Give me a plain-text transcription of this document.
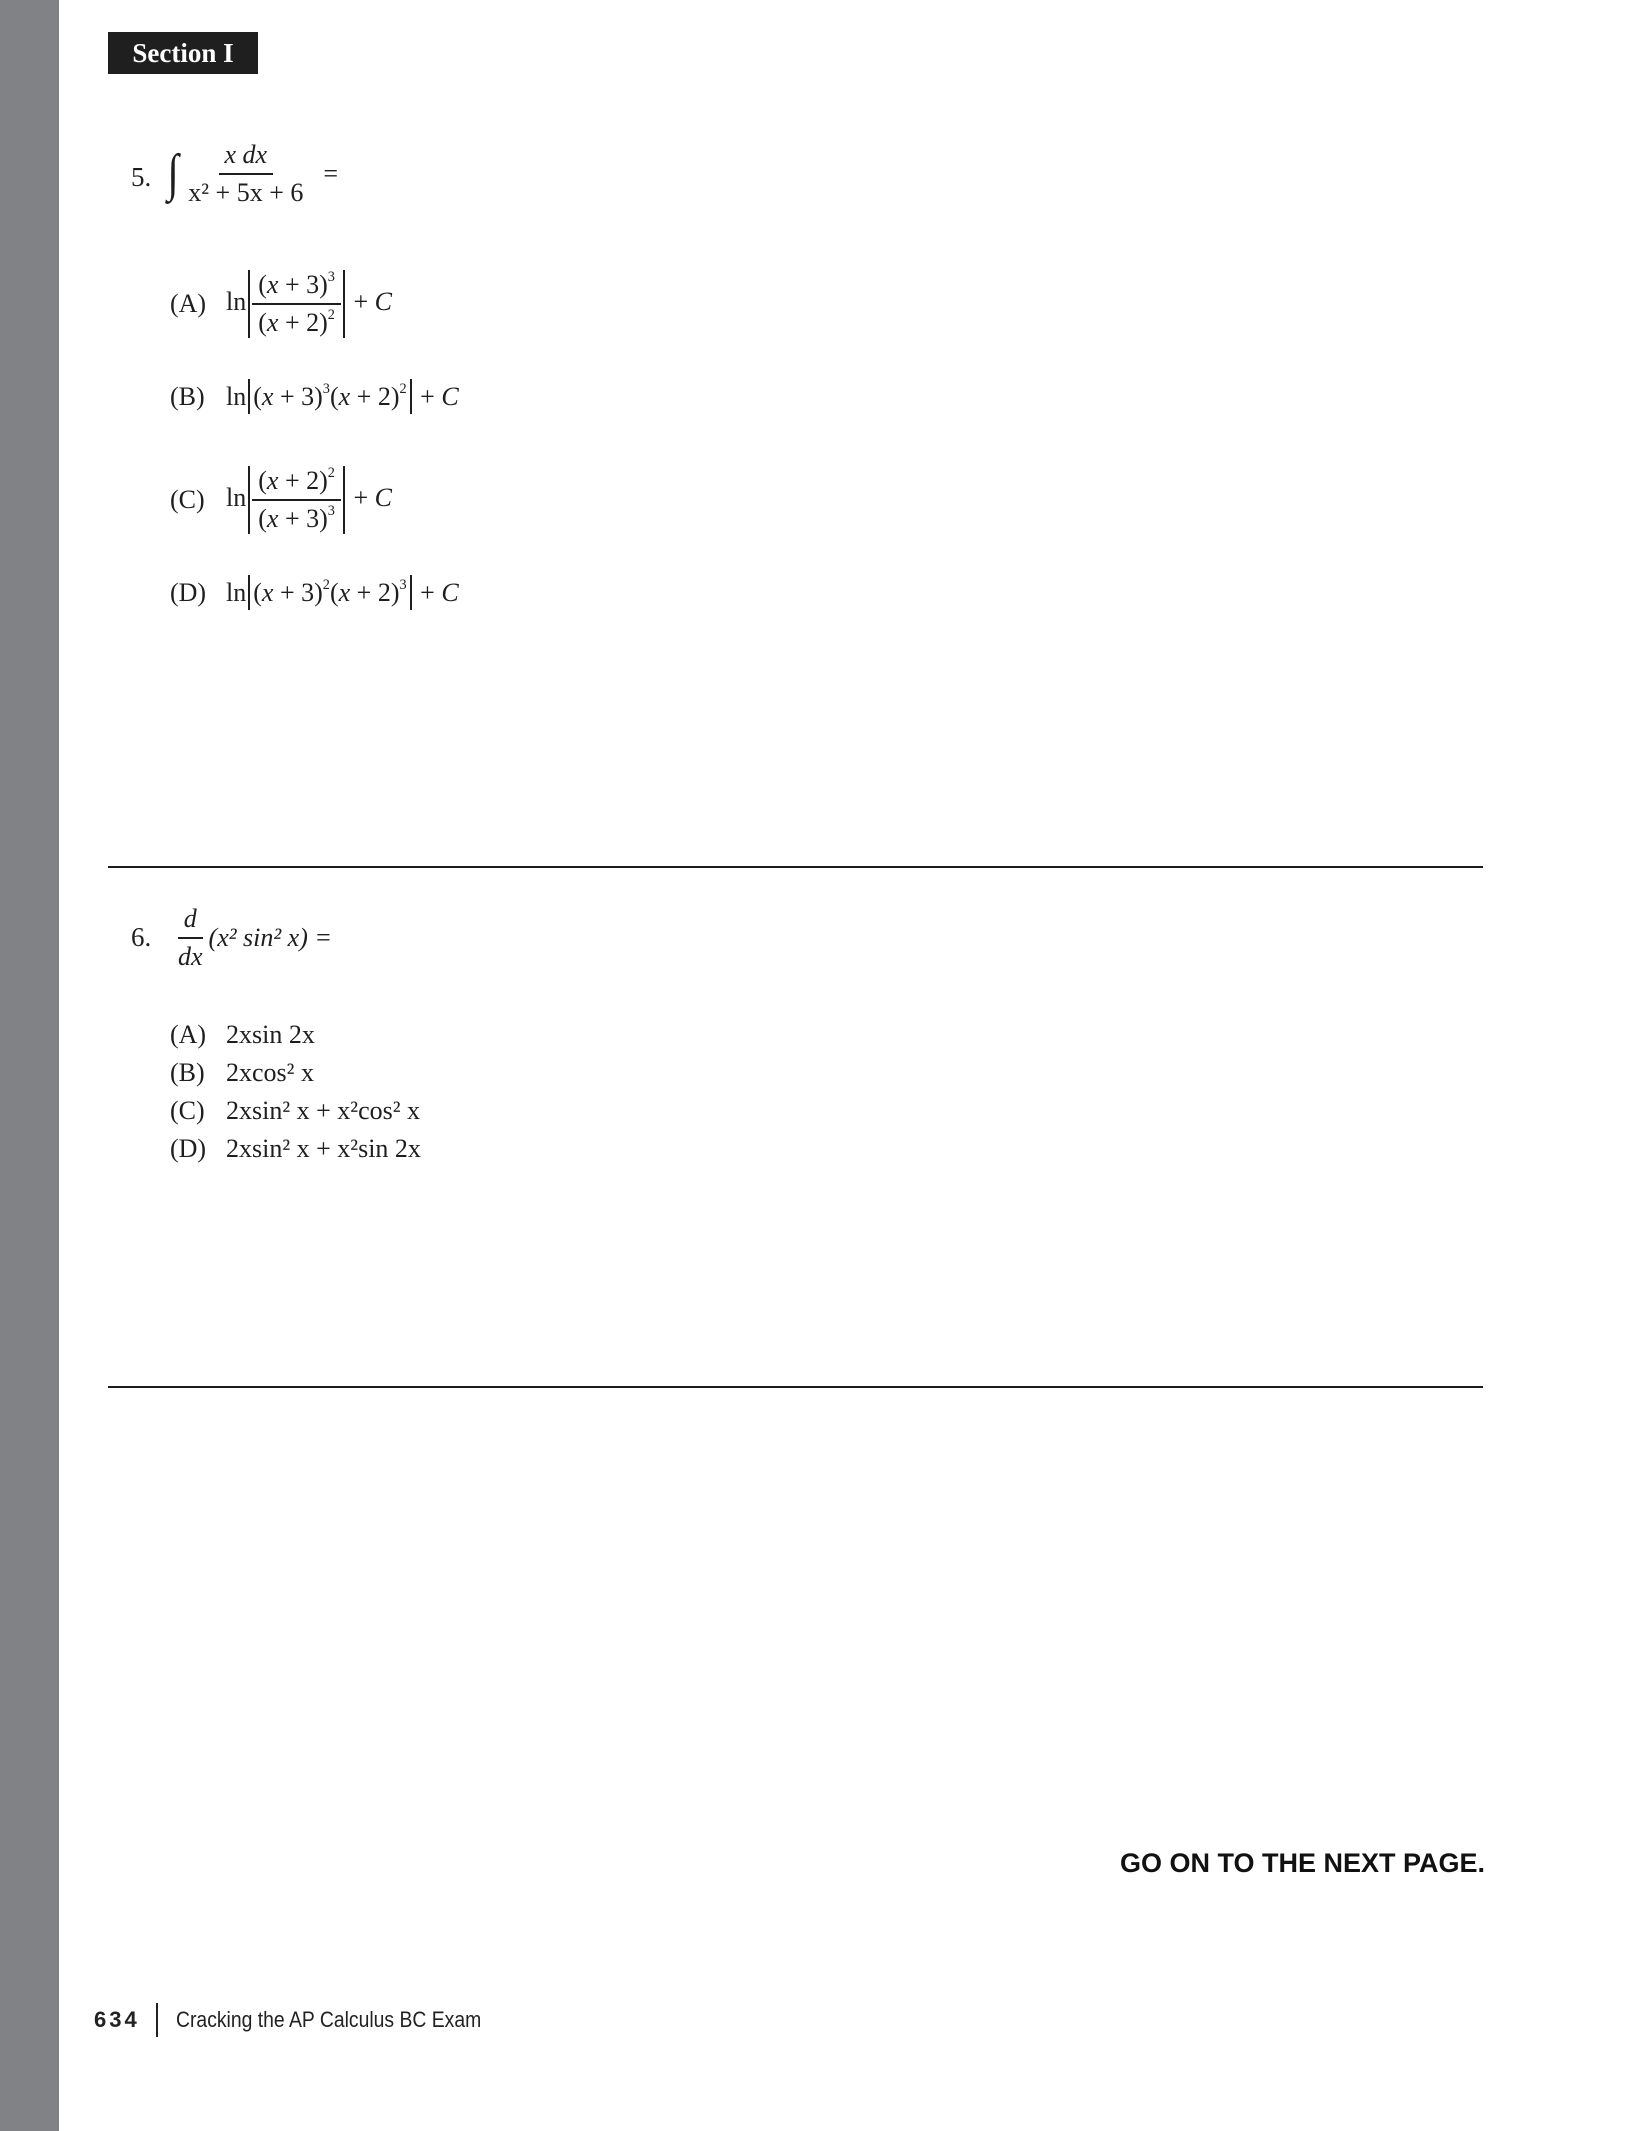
Section I
5. ∫ $\frac{\text{x dx}}{\text{x² + 5x + 6}}$ =
(A) $\ln \frac{(x + 3)^3}{(x + 2)^2} + C$
(B) $\ln (x + 3)^3(x + 2)^2 + C$
(C) $\ln \frac{(x + 2)^2}{(x + 3)^3} + C$
(D) $\ln (x + 3)^2(x + 2)^3 + C$
6. $\frac{d}{dx} (x^2$ sin² x) =
(A) 2xsin 2x
(B) 2xcos² x
(C) 2xsin² x + x²cos² x
(D) 2xsin² x + x²sin 2x
GO ON TO THE NEXT PAGE.
634 Cracking the AP Calculus BC Exam
